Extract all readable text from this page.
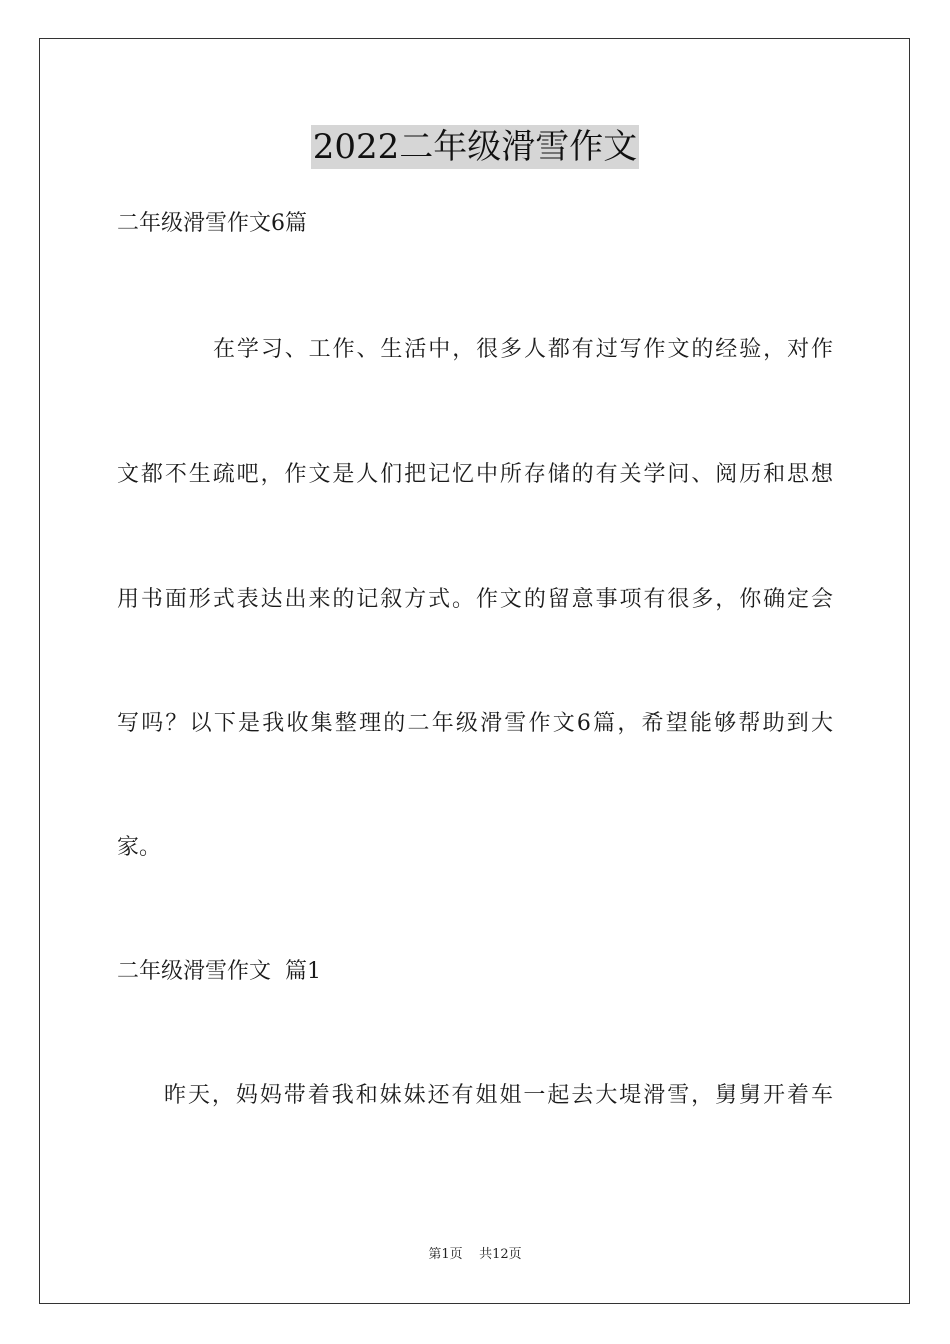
2022二年级滑雪作文
二年级滑雪作文6篇
在学习、工作、生活中，很多人都有过写作文的经验，对作
文都不生疏吧，作文是人们把记忆中所存储的有关学问、阅历和思想
用书面形式表达出来的记叙方式。作文的留意事项有很多，你确定会
写吗？以下是我收集整理的二年级滑雪作文6篇，希望能够帮助到大
家。
二年级滑雪作文  篇1
昨天，妈妈带着我和妹妹还有姐姐一起去大堤滑雪，舅舅开着车
第1页 共12页
